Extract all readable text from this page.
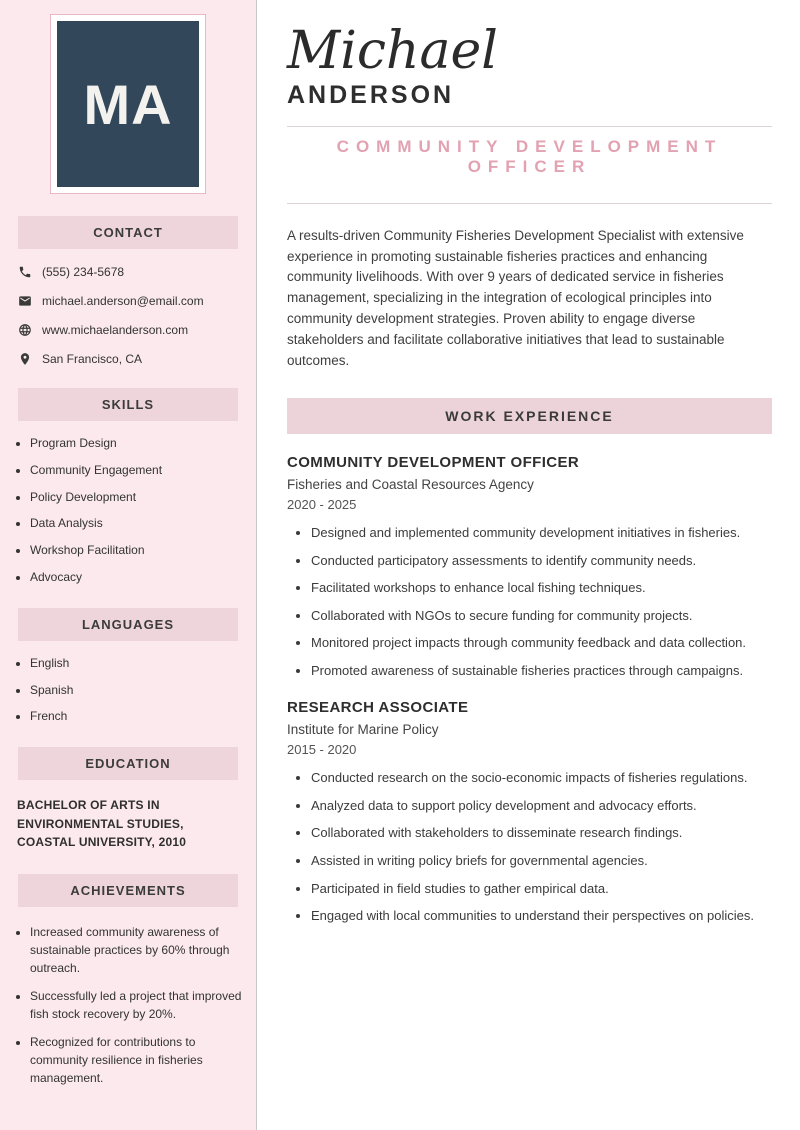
MA
CONTACT
(555) 234-5678
michael.anderson@email.com
www.michaelanderson.com
San Francisco, CA
SKILLS
• Program Design
• Community Engagement
• Policy Development
• Data Analysis
• Workshop Facilitation
• Advocacy
LANGUAGES
• English
• Spanish
• French
EDUCATION
BACHELOR OF ARTS IN ENVIRONMENTAL STUDIES, COASTAL UNIVERSITY, 2010
ACHIEVEMENTS
• Increased community awareness of sustainable practices by 60% through outreach.
• Successfully led a project that improved fish stock recovery by 20%.
• Recognized for contributions to community resilience in fisheries management.
Michael
ANDERSON
COMMUNITY DEVELOPMENT OFFICER

A results-driven Community Fisheries Development Specialist with extensive experience in promoting sustainable fisheries practices and enhancing community livelihoods. With over 9 years of dedicated service in fisheries management, specializing in the integration of ecological principles into community development strategies. Proven ability to engage diverse stakeholders and facilitate collaborative initiatives that lead to sustainable outcomes.

WORK EXPERIENCE
COMMUNITY DEVELOPMENT OFFICER
Fisheries and Coastal Resources Agency
2020 - 2025
• Designed and implemented community development initiatives in fisheries.
• Conducted participatory assessments to identify community needs.
• Facilitated workshops to enhance local fishing techniques.
• Collaborated with NGOs to secure funding for community projects.
• Monitored project impacts through community feedback and data collection.
• Promoted awareness of sustainable fisheries practices through campaigns.
RESEARCH ASSOCIATE
Institute for Marine Policy
2015 - 2020
• Conducted research on the socio-economic impacts of fisheries regulations.
• Analyzed data to support policy development and advocacy efforts.
• Collaborated with stakeholders to disseminate research findings.
• Assisted in writing policy briefs for governmental agencies.
• Participated in field studies to gather empirical data.
• Engaged with local communities to understand their perspectives on policies.
